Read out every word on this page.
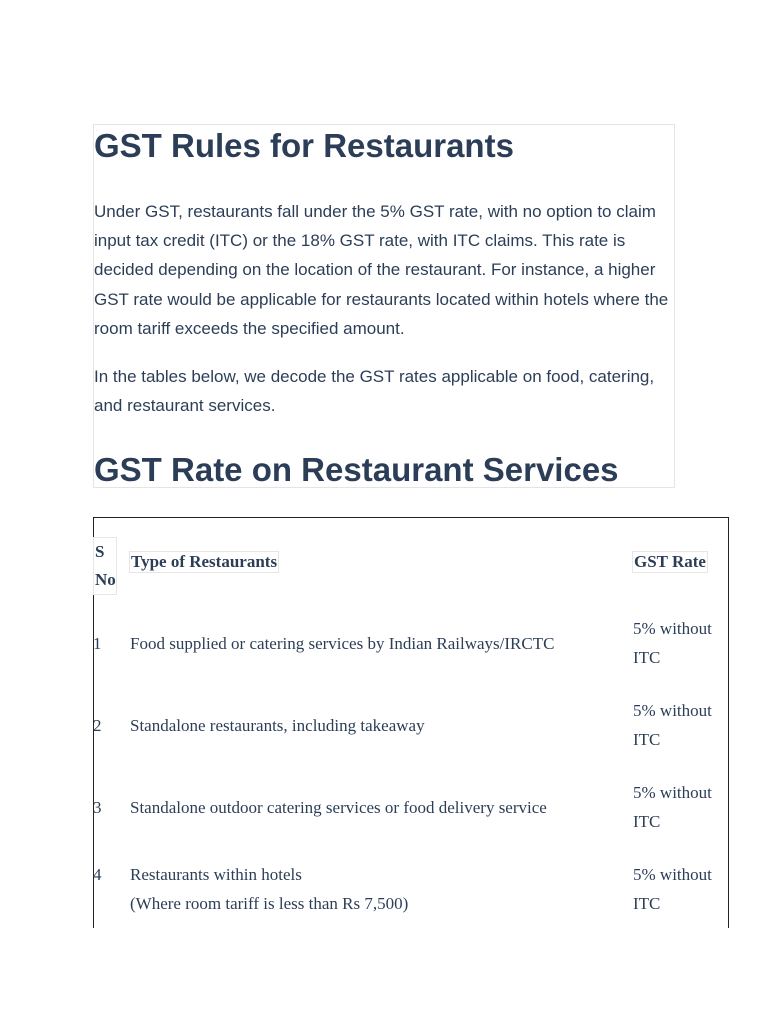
GST Rules for Restaurants

Under GST, restaurants fall under the 5% GST rate, with no option to claim input tax credit (ITC) or the 18% GST rate, with ITC claims. This rate is decided depending on the location of the restaurant. For instance, a higher GST rate would be applicable for restaurants located within hotels where the room tariff exceeds the specified amount.

In the tables below, we decode the GST rates applicable on food, catering, and restaurant services.

GST Rate on Restaurant Services
S No
Type of Restaurants	GST Rate
1 Food supplied or catering services by Indian Railways/IRCTC
5% without ITC
2 Standalone restaurants, including takeaway
5% without ITC
3 Standalone outdoor catering services or food delivery service
5% without ITC
4 Restaurants within hotels
(Where room tariff is less than Rs 7,500)
5% without ITC
